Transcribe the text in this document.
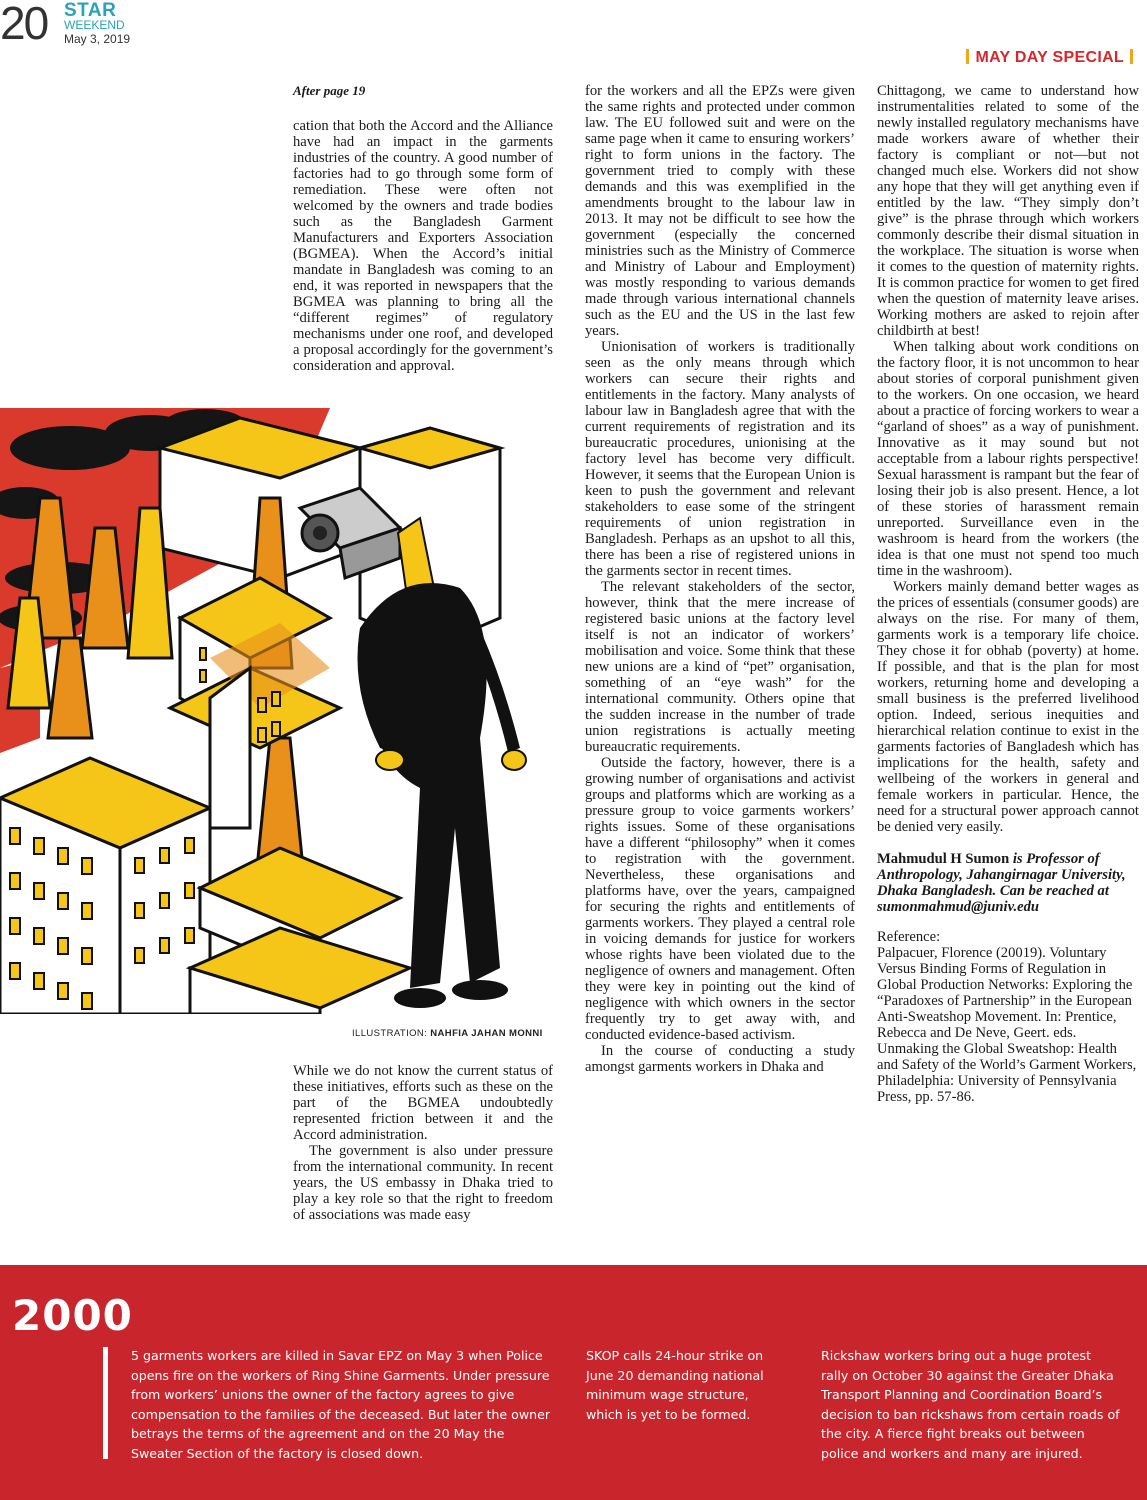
20 STAR
WEEKEND
May 3, 2019
MAY DAY SPECIAL
After page 19

cation that both the Accord and the Alliance have had an impact in the garments industries of the country. A good number of factories had to go through some form of remediation. These were often not welcomed by the owners and trade bodies such as the Bangladesh Garment Manufacturers and Exporters Association (BGMEA). When the Accord’s initial mandate in Bangladesh was coming to an end, it was reported in newspapers that the BGMEA was planning to bring all the “different regimes” of regulatory mechanisms under one roof, and developed a proposal accordingly for the government’s consideration and approval.

ILLUSTRATION: NAHFIA JAHAN MONNI

While we do not know the current status of these initiatives, efforts such as these on the part of the BGMEA undoubtedly represented friction between it and the Accord administration.

The government is also under pressure from the international community. In recent years, the US embassy in Dhaka tried to play a key role so that the right to freedom of associations was made easy

for the workers and all the EPZs were given the same rights and protected under common law. The EU followed suit and were on the same page when it came to ensuring workers’ right to form unions in the factory. The government tried to comply with these demands and this was exemplified in the amendments brought to the labour law in 2013. It may not be difficult to see how the government (especially the concerned ministries such as the Ministry of Commerce and Ministry of Labour and Employment) was mostly responding to various demands made through various international channels such as the EU and the US in the last few years.

Unionisation of workers is traditionally seen as the only means through which workers can secure their rights and entitlements in the factory. Many analysts of labour law in Bangladesh agree that with the current requirements of registration and its bureaucratic procedures, unionising at the factory level has become very difficult. However, it seems that the European Union is keen to push the government and relevant stakeholders to ease some of the stringent requirements of union registration in Bangladesh. Perhaps as an upshot to all this, there has been a rise of registered unions in the garments sector in recent times.

The relevant stakeholders of the sector, however, think that the mere increase of registered basic unions at the factory level itself is not an indicator of workers’ mobilisation and voice. Some think that these new unions are a kind of “pet” organisation, something of an “eye wash” for the international community. Others opine that the sudden increase in the number of trade union registrations is actually meeting bureaucratic requirements.

Outside the factory, however, there is a growing number of organisations and activist groups and platforms which are working as a pressure group to voice garments workers’ rights issues. Some of these organisations have a different “philosophy” when it comes to registration with the government. Nevertheless, these organisations and platforms have, over the years, campaigned for securing the rights and entitlements of garments workers. They played a central role in voicing demands for justice for workers whose rights have been violated due to the negligence of owners and management. Often they were key in pointing out the kind of negligence with which owners in the sector frequently try to get away with, and conducted evidence-based activism.

In the course of conducting a study amongst garments workers in Dhaka and

Chittagong, we came to understand how instrumentalities related to some of the newly installed regulatory mechanisms have made workers aware of whether their factory is compliant or not—but not changed much else. Workers did not show any hope that they will get anything even if entitled by the law. “They simply don’t give” is the phrase through which workers commonly describe their dismal situation in the workplace. The situation is worse when it comes to the question of maternity rights. It is common practice for women to get fired when the question of maternity leave arises. Working mothers are asked to rejoin after childbirth at best!

When talking about work conditions on the factory floor, it is not uncommon to hear about stories of corporal punishment given to the workers. On one occasion, we heard about a practice of forcing workers to wear a “garland of shoes” as a way of punishment. Innovative as it may sound but not acceptable from a labour rights perspective! Sexual harassment is rampant but the fear of losing their job is also present. Hence, a lot of these stories of harassment remain unreported. Surveillance even in the washroom is heard from the workers (the idea is that one must not spend too much time in the washroom).

Workers mainly demand better wages as the prices of essentials (consumer goods) are always on the rise. For many of them, garments work is a temporary life choice. They chose it for obhab (poverty) at home. If possible, and that is the plan for most workers, returning home and developing a small business is the preferred livelihood option. Indeed, serious inequities and hierarchical relation continue to exist in the garments factories of Bangladesh which has implications for the health, safety and wellbeing of the workers in general and female workers in particular. Hence, the need for a structural power approach cannot be denied very easily.

Mahmudul H Sumon is Professor of Anthropology, Jahangirnagar University, Dhaka Bangladesh. Can be reached at sumonmahmud@juniv.edu

Reference:

Palpacuer, Florence (20019). Voluntary Versus Binding Forms of Regulation in Global Production Networks: Exploring the “Paradoxes of Partnership” in the European Anti-Sweatshop Movement. In: Prentice, Rebecca and De Neve, Geert. eds. Unmaking the Global Sweatshop: Health and Safety of the World’s Garment Workers, Philadelphia: University of Pennsylvania Press, pp. 57-86.

2000
5 garments workers are killed in Savar EPZ on May 3 when Police opens fire on the workers of Ring Shine Garments. Under pressure from workers’ unions the owner of the factory agrees to give compensation to the families of the deceased. But later the owner betrays the terms of the agreement and on the 20 May the Sweater Section of the factory is closed down.
SKOP calls 24-hour strike on June 20 demanding national minimum wage structure, which is yet to be formed.
Rickshaw workers bring out a huge protest rally on October 30 against the Greater Dhaka Transport Planning and Coordination Board’s decision to ban rickshaws from certain roads of the city. A fierce fight breaks out between police and workers and many are injured.
